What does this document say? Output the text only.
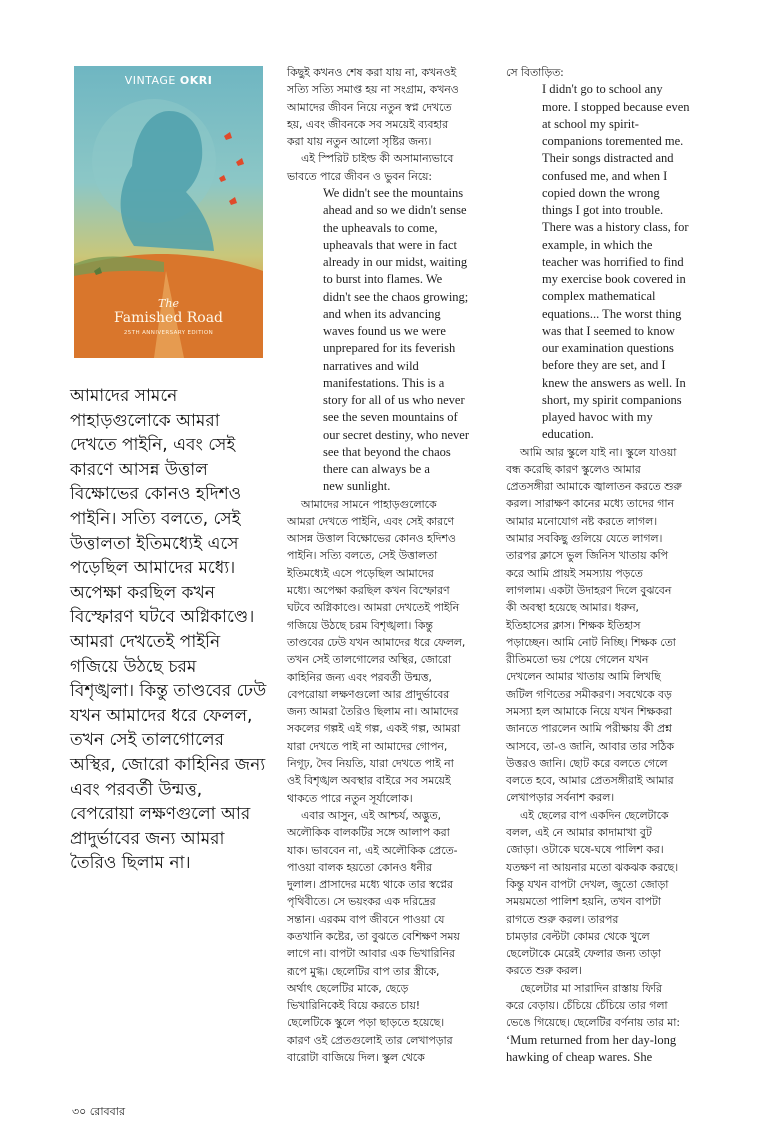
VINTAGE OKRI
The
Famished Road
25TH ANNIVERSARY EDITION

আমাদের সামনে

পাহাড়গুলোকে আমরা

দেখতে পাইনি, এবং সেই

কারণে আসন্ন উত্তাল

বিক্ষোভের কোনও হদিশও

পাইনি। সত্যি বলতে, সেই

উত্তালতা ইতিমধ্যেই এসে

পড়েছিল আমাদের মধ্যে।

অপেক্ষা করছিল কখন

বিস্ফোরণ ঘটবে অগ্নিকাণ্ডে।

আমরা দেখতেই পাইনি

গজিয়ে উঠছে চরম

বিশৃঙ্খলা। কিন্তু তাণ্ডবের ঢেউ

যখন আমাদের ধরে ফেলল,

তখন সেই তালগোলের

অস্থির, জোরো কাহিনির জন্য

এবং পরবর্তী উন্মত্ত,

বেপরোয়া লক্ষণগুলো আর

প্রাদুর্ভাবের জন্য আমরা

তৈরিও ছিলাম না।

কিছুই কখনও শেষ করা যায় না, কখনওই

সত্যি সত্যি সমাপ্ত হয় না সংগ্রাম, কখনও

আমাদের জীবন নিয়ে নতুন স্বপ্ন দেখতে

হয়, এবং জীবনকে সব সময়েই ব্যবহার

করা যায় নতুন আলো সৃষ্টির জন্য।

এই স্পিরিট চাইল্ড কী অসামান্যভাবে

ভাবতে পারে জীবন ও ভুবন নিয়ে:

We didn't see the mountains

ahead and so we didn't sense

the upheavals to come,

upheavals that were in fact

already in our midst, waiting

to burst into flames. We

didn't see the chaos growing;

and when its advancing

waves found us we were

unprepared for its feverish

narratives and wild

manifestations. This is a

story for all of us who never

see the seven mountains of

our secret destiny, who never

see that beyond the chaos

there can always be a

new sunlight.

আমাদের সামনে পাহাড়গুলোকে

আমরা দেখতে পাইনি, এবং সেই কারণে

আসন্ন উত্তাল বিক্ষোভের কোনও হদিশও

পাইনি। সত্যি বলতে, সেই উত্তালতা

ইতিমধ্যেই এসে পড়েছিল আমাদের

মধ্যে। অপেক্ষা করছিল কখন বিস্ফোরণ

ঘটবে অগ্নিকাণ্ডে। আমরা দেখতেই পাইনি

গজিয়ে উঠছে চরম বিশৃঙ্খলা। কিন্তু

তাণ্ডবের ঢেউ যখন আমাদের ধরে ফেলল,

তখন সেই তালগোলের অস্থির, জোরো

কাহিনির জন্য এবং পরবর্তী উন্মত্ত,

বেপরোয়া লক্ষণগুলো আর প্রাদুর্ভাবের

জন্য আমরা তৈরিও ছিলাম না। আমাদের

সকলের গল্পই এই গল্প, একই গল্প, আমরা

যারা দেখতে পাই না আমাদের গোপন,

নিগূঢ়, দৈব নিয়তি, যারা দেখতে পাই না

ওই বিশৃঙ্খল অবস্থার বাইরে সব সময়েই

থাকতে পারে নতুন সূর্যালোক।

এবার আসুন, এই আশ্চর্য, অদ্ভুত,

অলৌকিক বালকটির সঙ্গে আলাপ করা

যাক। ভাববেন না, এই অলৌকিক প্রেতে-

পাওয়া বালক হয়তো কোনও ধনীর

দুলাল। প্রাসাদের মধ্যে থাকে তার স্বপ্নের

পৃথিবীতে। সে ভয়ংকর এক দরিদ্রের

সন্তান। এরকম বাপ জীবনে পাওয়া যে

কতখানি কষ্টের, তা বুঝতে বেশিক্ষণ সময়

লাগে না। বাপটা আবার এক ভিখারিনির

রূপে মুগ্ধ। ছেলেটির বাপ তার স্ত্রীকে,

অর্থাৎ ছেলেটির মাকে, ছেড়ে

ভিখারিনিকেই বিয়ে করতে চায়!

ছেলেটিকে স্কুলে পড়া ছাড়তে হয়েছে।

কারণ ওই প্রেতগুলোই তার লেখাপড়ার

বারোটা বাজিয়ে দিল। স্কুল থেকে

সে বিতাড়িত:

I didn't go to school any

more. I stopped because even

at school my spirit-

companions toremented me.

Their songs distracted and

confused me, and when I

copied down the wrong

things I got into trouble.

There was a history class, for

example, in which the

teacher was horrified to find

my exercise book covered in

complex mathematical

equations... The worst thing

was that I seemed to know

our examination questions

before they are set, and I

knew the answers as well. In

short, my spirit companions

played havoc with my

education.

আমি আর স্কুলে যাই না। স্কুলে যাওয়া

বন্ধ করেছি কারণ স্কুলেও আমার

প্রেতসঙ্গীরা আমাকে জ্বালাতন করতে শুরু

করল। সারাক্ষণ কানের মধ্যে তাদের গান

আমার মনোযোগ নষ্ট করতে লাগল।

আমার সবকিছু গুলিয়ে যেতে লাগল।

তারপর ক্লাসে ভুল জিনিস খাতায় কপি

করে আমি প্রায়ই সমস্যায় পড়তে

লাগলাম। একটা উদাহরণ দিলে বুঝবেন

কী অবস্থা হয়েছে আমার। ধরুন,

ইতিহাসের ক্লাস। শিক্ষক ইতিহাস

পড়াচ্ছেন। আমি নোট নিচ্ছি। শিক্ষক তো

রীতিমতো ভয় পেয়ে গেলেন যখন

দেখলেন আমার খাতায় আমি লিখছি

জটিল গণিতের সমীকরণ। সবথেকে বড়

সমস্যা হল আমাকে নিয়ে যখন শিক্ষকরা

জানতে পারলেন আমি পরীক্ষায় কী প্রশ্ন

আসবে, তা-ও জানি, আবার তার সঠিক

উত্তরও জানি। ছোট করে বলতে গেলে

বলতে হবে, আমার প্রেতসঙ্গীরাই আমার

লেখাপড়ার সর্বনাশ করল।

এই ছেলের বাপ একদিন ছেলেটাকে

বলল, এই নে আমার কাদামাখা বুট

জোড়া। ওটাকে ঘষে-ঘষে পালিশ কর।

যতক্ষণ না আয়নার মতো ঝকঝক করছে।

কিন্তু যখন বাপটা দেখল, জুতো জোড়া

সময়মতো পালিশ হয়নি, তখন বাপটা

রাগতে শুরু করল। তারপর

চামড়ার বেল্টটা কোমর থেকে খুলে

ছেলেটাকে মেরেই ফেলার জন্য তাড়া

করতে শুরু করল।

ছেলেটার মা সারাদিন রাস্তায় ফিরি

করে বেড়ায়। চেঁচিয়ে চেঁচিয়ে তার গলা

ভেঙে গিয়েছে। ছেলেটির বর্ণনায় তার মা:

‘Mum returned from her day-long

hawking of cheap wares. She

৩০ রোববার
